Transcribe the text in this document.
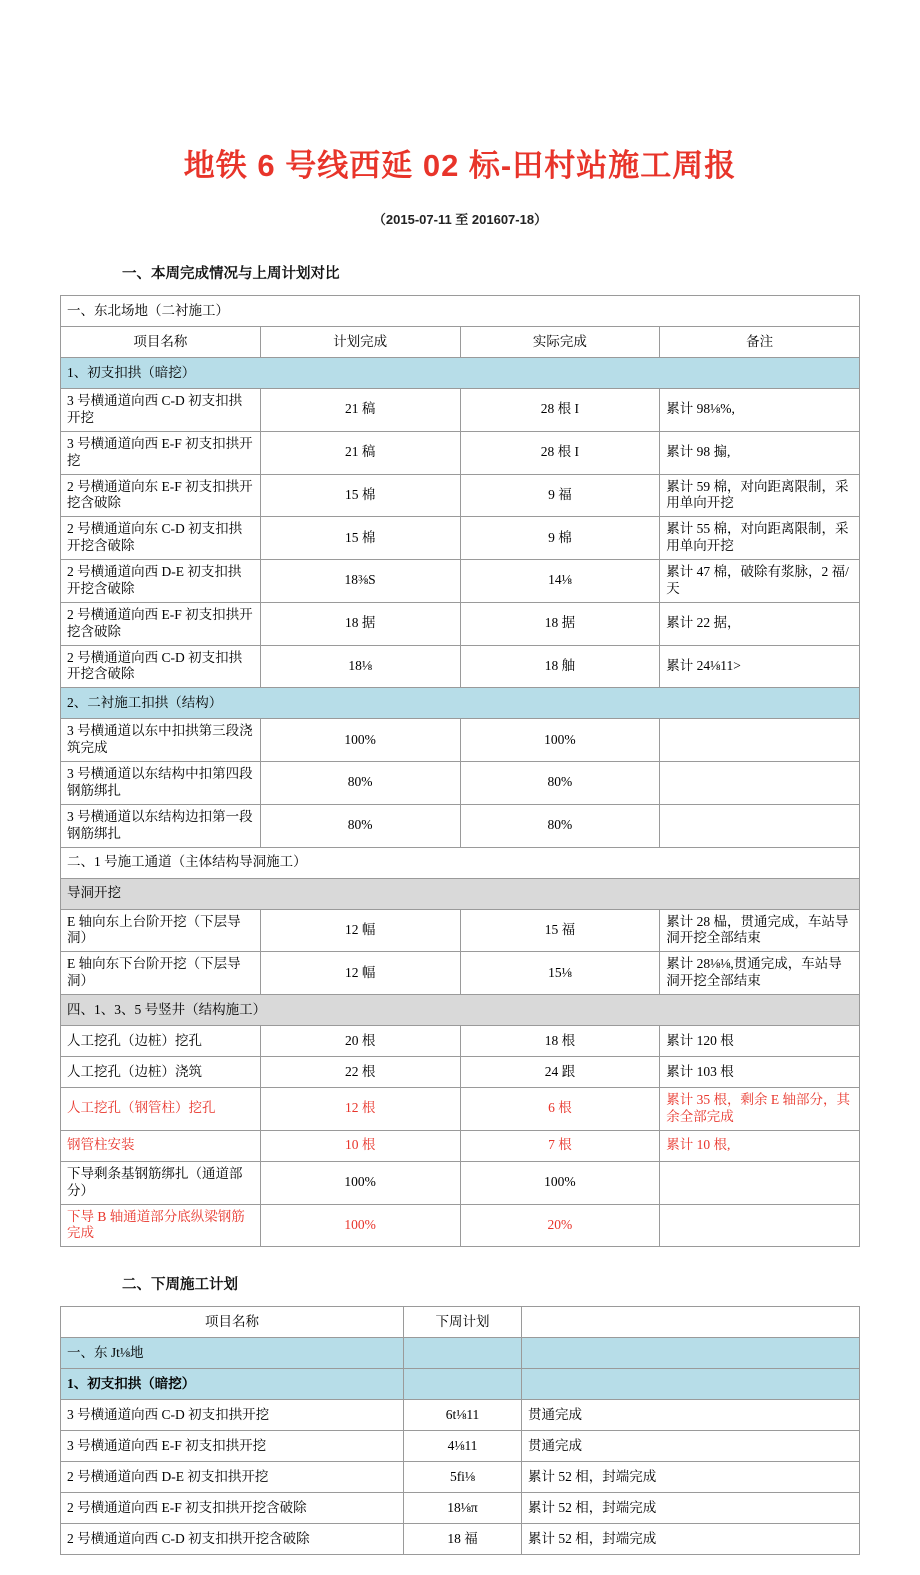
地铁 6 号线西延 02 标-田村站施工周报
（2015-07-11 至 201607-18）
一、本周完成情况与上周计划对比
一、东北场地（二衬施工）			
项目名称	计划完成	实际完成	备注
1、初支扣拱（暗挖）			
3 号横通道向西 C-D 初支扣拱开挖	21 稿	28 根 I	累计 98⅛%,
3 号横通道向西 E-F 初支扣拱开挖	21 稿	28 根 I	累计 98 搧,
2 号横通道向东 E-F 初支扣拱开挖含破除	15 棉	9 福	累计 59 棉，对向距离限制，采用单向开挖
2 号横通道向东 C-D 初支扣拱开挖含破除	15 棉	9 棉	累计 55 棉，对向距离限制，采用单向开挖
2 号横通道向西 D-E 初支扣拱开挖含破除	18⅜S	14⅛	累计 47 棉，破除有浆脉，2 福/天
2 号横通道向西 E-F 初支扣拱开挖含破除	18 据	18 据	累计 22 据，
2 号横通道向西 C-D 初支扣拱开挖含破除	18⅛	18 舳	累计 24⅛11>
2、二衬施工扣拱（结构）			
3 号横通道以东中扣拱第三段浇筑完成	100%	100%	
3 号横通道以东结构中扣第四段钢筋绑扎	80%	80%	
3 号横通道以东结构边扣第一段钢筋绑扎	80%	80%	
二、1 号施工通道（主体结构导洞施工）			
导洞开挖			
E 轴向东上台阶开挖（下层导洞）	12 幅	15 福	累计 28 榀，贯通完成，车站导洞开挖全部结束
E 轴向东下台阶开挖（下层导洞）	12 幅	15⅛	累计 28⅛⅛,贯通完成，车站导洞开挖全部结束
四、1、3、5 号竖井（结构施工）			
人工挖孔（边桩）挖孔	20 根	18 根	累计 120 根
人工挖孔（边桩）浇筑	22 根	24 跟	累计 103 根
人工挖孔（钢管柱）挖孔	12 根	6 根	累计 35 根，剩余 E 轴部分，其余全部完成
钢管柱安装	10 根	7 根	累计 10 根,
下导剩条基钢筋绑扎（通道部分）	100%	100%	
下导 B 轴通道部分底纵梁钢筋完成	100%	20%	
二、下周施工计划
项目名称	下周计划	
一、东 Jt⅛地		
1、初支扣拱（暗挖）		
3 号横通道向西 C-D 初支扣拱开挖	6t⅛11	贯通完成
3 号横通道向西 E-F 初支扣拱开挖	4⅛11	贯通完成
2 号横通道向西 D-E 初支扣拱开挖	5fi⅛	累计 52 相，封端完成
2 号横通道向西 E-F 初支扣拱开挖含破除	18⅛π	累计 52 相，封端完成
2 号横通道向西 C-D 初支扣拱开挖含破除	18 福	累计 52 相，封端完成
